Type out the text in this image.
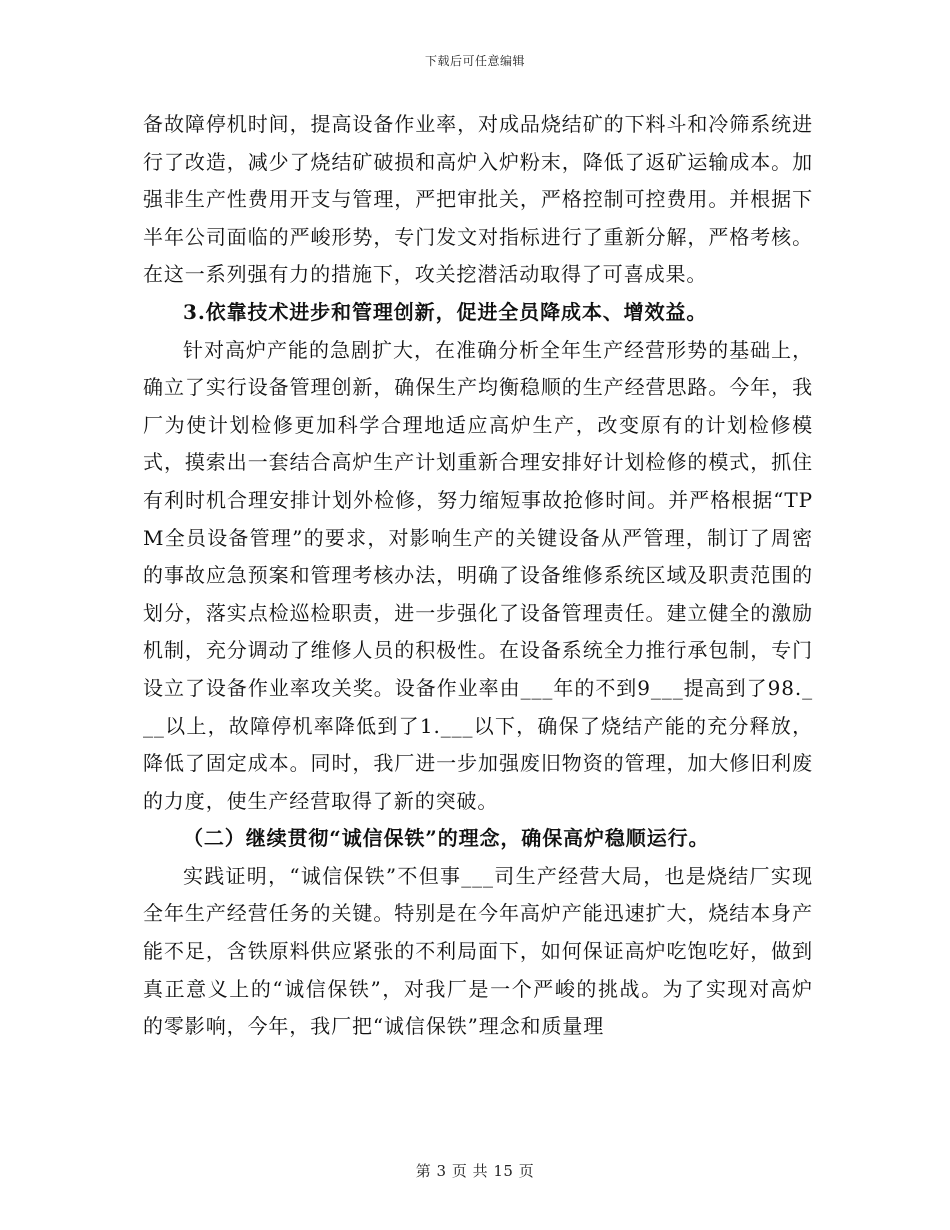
下载后可任意编辑

备故障停机时间，提高设备作业率，对成品烧结矿的下料斗和冷筛系统进行了改造，减少了烧结矿破损和高炉入炉粉末，降低了返矿运输成本。加强非生产性费用开支与管理，严把审批关，严格控制可控费用。并根据下半年公司面临的严峻形势，专门发文对指标进行了重新分解，严格考核。在这一系列强有力的措施下，攻关挖潜活动取得了可喜成果。

3.依靠技术进步和管理创新，促进全员降成本、增效益。

针对高炉产能的急剧扩大，在准确分析全年生产经营形势的基础上，确立了实行设备管理创新，确保生产均衡稳顺的生产经营思路。今年，我厂为使计划检修更加科学合理地适应高炉生产，改变原有的计划检修模式，摸索出一套结合高炉生产计划重新合理安排好计划检修的模式，抓住有利时机合理安排计划外检修，努力缩短事故抢修时间。并严格根据“TPM全员设备管理”的要求，对影响生产的关键设备从严管理，制订了周密的事故应急预案和管理考核办法，明确了设备维修系统区域及职责范围的划分，落实点检巡检职责，进一步强化了设备管理责任。建立健全的激励机制，充分调动了维修人员的积极性。在设备系统全力推行承包制，专门设立了设备作业率攻关奖。设备作业率由___年的不到9___提高到了98.___以上，故障停机率降低到了1.___以下，确保了烧结产能的充分释放，降低了固定成本。同时，我厂进一步加强废旧物资的管理，加大修旧利废的力度，使生产经营取得了新的突破。

（二）继续贯彻“诚信保铁”的理念，确保高炉稳顺运行。

实践证明，“诚信保铁”不但事___司生产经营大局，也是烧结厂实现全年生产经营任务的关键。特别是在今年高炉产能迅速扩大，烧结本身产能不足，含铁原料供应紧张的不利局面下，如何保证高炉吃饱吃好，做到真正意义上的“诚信保铁”，对我厂是一个严峻的挑战。为了实现对高炉的零影响，今年，我厂把“诚信保铁”理念和质量理

第 3 页 共 15 页
